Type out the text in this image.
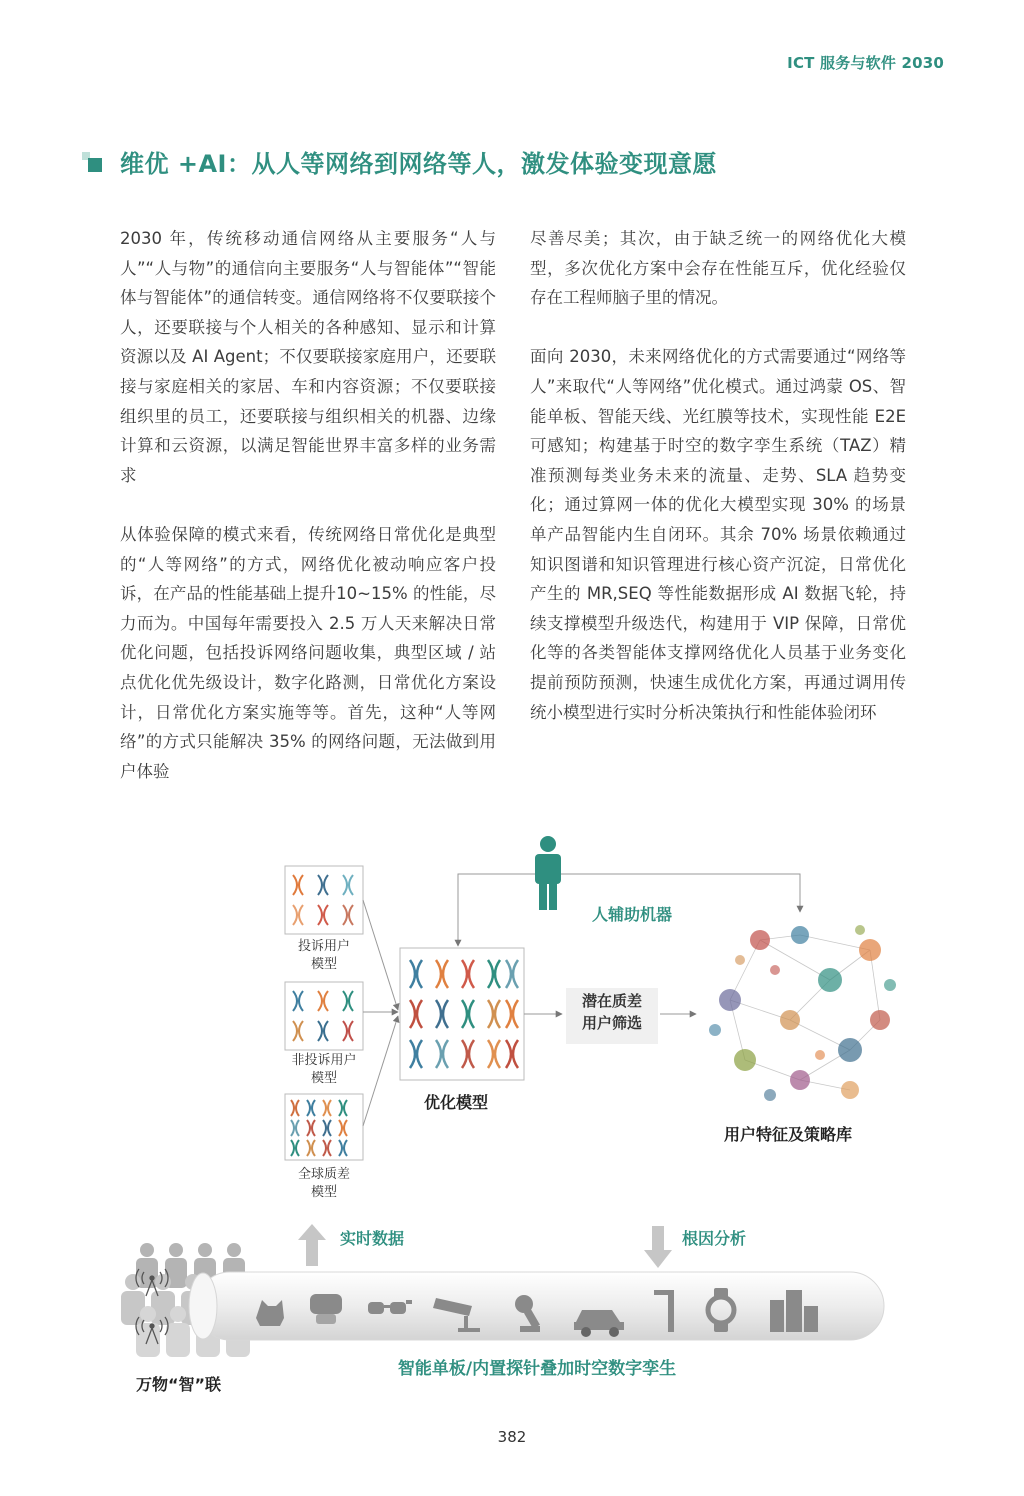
ICT 服务与软件 2030
维优 +AI：从人等网络到网络等人，激发体验变现意愿

2030 年，传统移动通信网络从主要服务“人与人”“人与物”的通信向主要服务“人与智能体”“智能体与智能体”的通信转变。通信网络将不仅要联接个人，还要联接与个人相关的各种感知、显示和计算资源以及 AI Agent；不仅要联接家庭用户，还要联接与家庭相关的家居、车和内容资源；不仅要联接组织里的员工，还要联接与组织相关的机器、边缘计算和云资源，以满足智能世界丰富多样的业务需求

从体验保障的模式来看，传统网络日常优化是典型的“人等网络”的方式，网络优化被动响应客户投诉，在产品的性能基础上提升10~15% 的性能，尽力而为。中国每年需要投入 2.5 万人天来解决日常优化问题，包括投诉网络问题收集，典型区域 / 站点优化优先级设计，数字化路测，日常优化方案设计，日常优化方案实施等等。首先，这种“人等网络”的方式只能解决 35% 的网络问题，无法做到用户体验

尽善尽美；其次，由于缺乏统一的网络优化大模型，多次优化方案中会存在性能互斥，优化经验仅存在工程师脑子里的情况。

面向 2030，未来网络优化的方式需要通过“网络等人”来取代“人等网络”优化模式。通过鸿蒙 OS、智能单板、智能天线、光红膜等技术，实现性能 E2E 可感知；构建基于时空的数字孪生系统（TAZ）精准预测每类业务未来的流量、走势、SLA 趋势变化；通过算网一体的优化大模型实现 30% 的场景单产品智能内生自闭环。其余 70% 场景依赖通过知识图谱和知识管理进行核心资产沉淀，日常优化产生的 MR,SEQ 等性能数据形成 AI 数据飞轮，持续支撑模型升级迭代，构建用于 VIP 保障，日常优化等的各类智能体支撑网络优化人员基于业务变化提前预防预测，快速生成优化方案，再通过调用传统小模型进行实时分析决策执行和性能体验闭环

万物“智”联
投诉用户
模型
非投诉用户
模型
全球质差
模型
优化模型
人辅助机器
潜在质差
用户筛选
用户特征及策略库
实时数据	根因分析
智能单板/内置探针叠加时空数字孪生
382
